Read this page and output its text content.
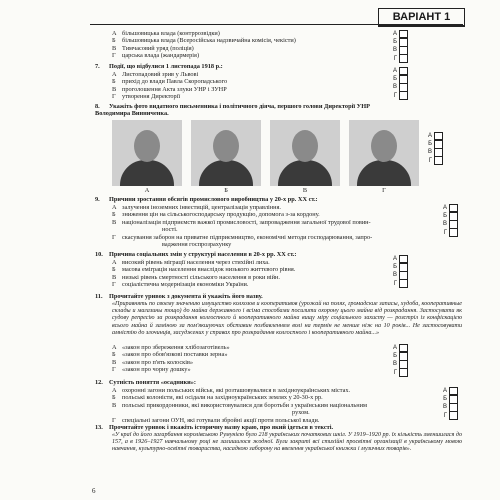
ВАРІАНТ 1
А більшовицька влада (контррозвідки)
Б більшовицька влада (Всеросійська надзвичайна комісія, чекісти)
В Тимчасовий уряд (поліція)
Г царська влада (жандармерія)
А
Б
В
Г
7. Події, що відбулися 1 листопада 1918 р.:
А Листопадовий зрив у Львові
Б прихід до влади Павла Скоропадського
В проголошення Акта злуки УНР і ЗУНР
Г утворення Директорії
А
Б
В
Г
8. Укажіть фото видатного письменника і політичного діяча, першого голови Директорії УНР Володимира Винниченка.
А	Б	В	Г
А
Б
В
Г
9. Причини зростання обсягів промислового виробництва у 20-х рр. ХХ ст.:
А залучення іноземних інвестицій, централізація управління.
Б зниження цін на сільськогосподарську продукцію, допомога з-за кордону.
В націоналізація підприємств важкої промисловості, запровадження загальної трудової повин-
ності.
Г скасування заборон на приватне підприємництво, економічні методи господарювання, запро-
вадження госпрозрахунку
А
Б
В
Г
10. Причина соціальних змін у структурі населення в 20-х рр. ХХ ст.:
А високий рівень міграції населення через стихійні лиха.
Б масова еміграція населення внаслідок низького життєвого рівня.
В низькі рівень смертності сільського населення в роки війн.
Г соціалістична модернізація економіки України.
А
Б
В
Г
11. Прочитайте уривок з документа й укажіть його назву.
«Приравнять по своему значению имущество колхозов и кооперативов (урожай на полях, громадские запасы, худоба, кооперативные склады и магазины тощо) до майна державного і всіма способами посилити охорону цього майна від розкрадання. Застосувати як судову репресію за розкрадання колгоспного й кооперативного майна вищу міру соціального захисту — розстріл із конфіскацією всього майна й заміною за пом'якшуючих обставин позбавленням волі на термін не менше ніж на 10 років... Не застосовувати амністію до злочинців, засуджених у справах про розкрадання колгоспного і кооперативного майна...»
А «закон про збереження хлібозаготівель»
Б «закон про обов'язкові поставки зерна»
В «закон про п'ять колосків»
Г «закон про чорну дошку»
А
Б
В
Г
12. Сутність поняття «осадники»:
А охоронні загони польських військ, які розташовувалися в західноукраїнських містах.
Б польські колоністи, які осідали на західноукраїнських землях у 20-30-х рр.
В польські прикордонники, які використовувалися для боротьби з українським національним
рухом.
Г спеціальні загони ОУН, які готували збройні акції проти польської влади.
А
Б
В
Г
13. Прочитайте уривок і вкажіть історичну назву краю, про який ідеться в тексті.
«У краї до його загарбання королівською Румунією було 218 українських початкових шкіл. У 1919–1920 рр. їх кількість зменшилася до 157, а в 1926–1927 навчальному році не залишилося жодної. Були закриті всі стихійні просвітні організації в українському мовою навчання, культурно-освітні товариства, насадкою заборону на ввезення української книжки і музичних товарів».
6
